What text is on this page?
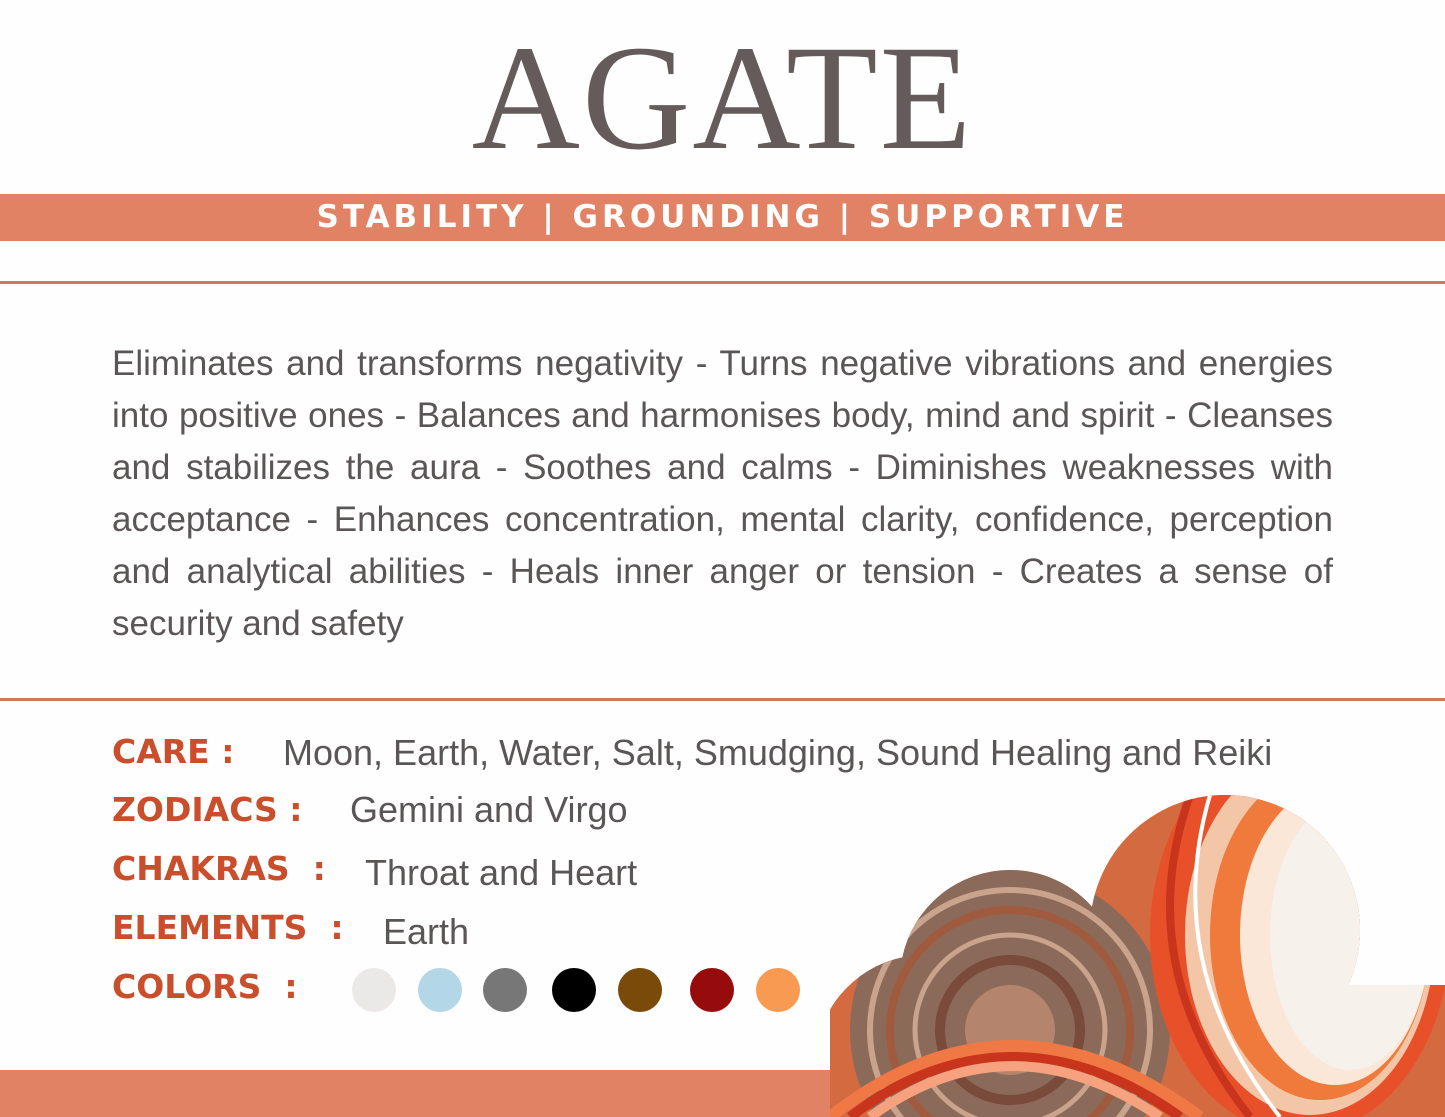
AGATE
STABILITY | GROUNDING | SUPPORTIVE

Eliminates and transforms negativity - Turns negative vibrations and energies into positive ones - Balances and harmonises body, mind and spirit - Cleanses and stabilizes the aura - Soothes and calms - Diminishes weaknesses with acceptance - Enhances concentration, mental clarity, confidence, perception and analytical abilities - Heals inner anger or tension - Creates a sense of security and safety

CARE : Moon, Earth, Water, Salt, Smudging, Sound Healing and Reiki
ZODIACS : Gemini and Virgo
CHAKRAS  : Throat and Heart
ELEMENTS  : Earth
COLORS  :
